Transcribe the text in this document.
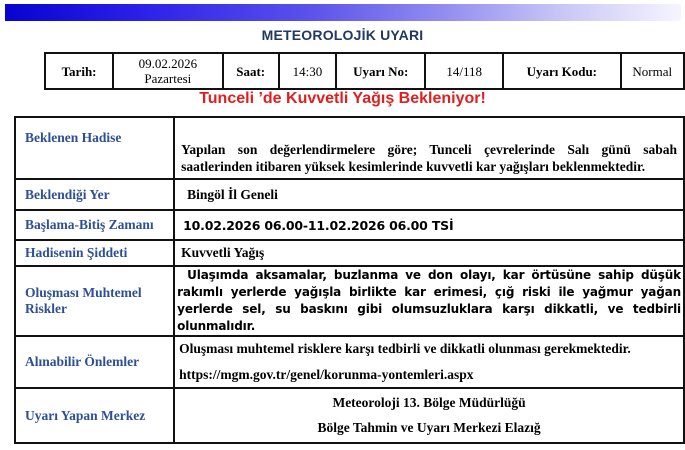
METEOROLOJİK UYARI
Tarih:	09.02.2026 Pazartesi	Saat:	14:30	Uyarı No:	14/118	Uyarı Kodu:	Normal
Tunceli ’de Kuvvetli Yağış Bekleniyor!
Beklenen Hadise	Yapılan son değerlendirmelere göre; Tunceli çevrelerinde Salı günü sabah saatlerinden itibaren yüksek kesimlerinde kuvvetli kar yağışları beklenmektedir.
Beklendiği Yer	Bingöl İl Geneli
Başlama-Bitiş Zamanı	10.02.2026 06.00-11.02.2026 06.00 TSİ
Hadisenin Şiddeti	Kuvvetli Yağış
Oluşması Muhtemel Riskler	Ulaşımda aksamalar, buzlanma ve don olayı, kar örtüsüne sahip düşük rakımlı yerlerde yağışla birlikte kar erimesi, çığ riski ile yağmur yağan yerlerde sel, su baskını gibi olumsuzluklara karşı dikkatli, ve tedbirli olunmalıdır.
Alınabilir Önlemler	Oluşması muhtemel risklere karşı tedbirli ve dikkatli olunması gerekmektedir.
https://mgm.gov.tr/genel/korunma-yontemleri.aspx

Uyarı Yapan Merkez	Meteoroloji 13. Bölge Müdürlüğü
Bölge Tahmin ve Uyarı Merkezi Elazığ
